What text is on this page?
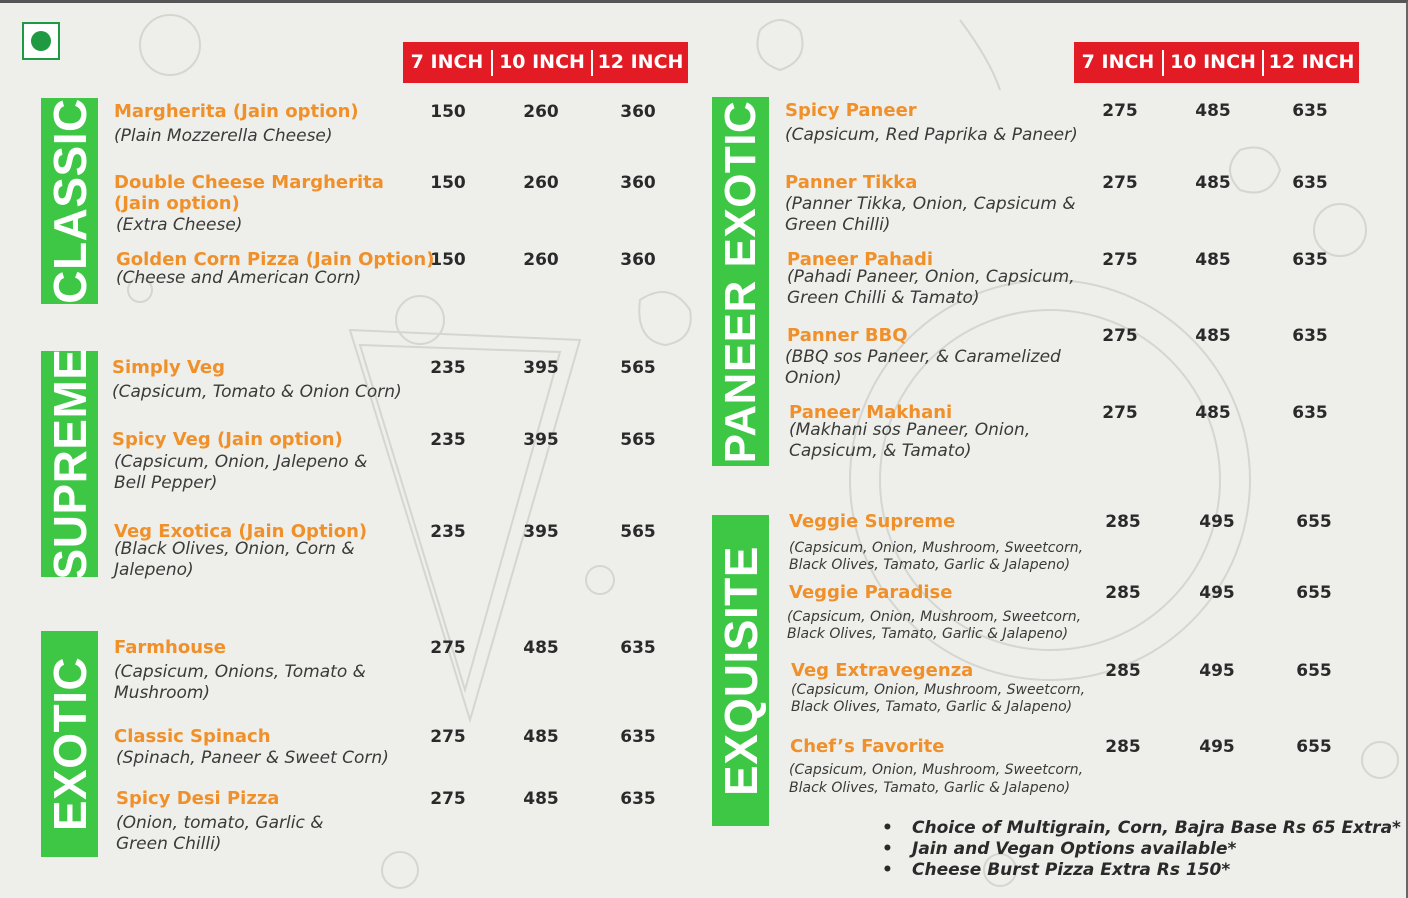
7 INCH 10 INCH 12 INCH	7 INCH 10 INCH 12 INCH
CLASSIC
SUPREME
EXOTIC
PANEER EXOTIC
EXQUISITE
Margherita (Jain option)
(Plain Mozzerella Cheese)
150	260	360
Double Cheese Margherita
(Jain option)
(Extra Cheese)
150	260	360
Golden Corn Pizza (Jain Option)
(Cheese and American Corn)
150	260	360
Simply Veg
(Capsicum, Tomato & Onion Corn)
235	395	565
Spicy Veg (Jain option)
(Capsicum, Onion, Jalepeno &
Bell Pepper)
235	395	565
Veg Exotica (Jain Option)
(Black Olives, Onion, Corn &
Jalepeno)
235	395	565
Farmhouse
(Capsicum, Onions, Tomato &
Mushroom)
275	485	635
Classic Spinach
(Spinach, Paneer & Sweet Corn)
275	485	635
Spicy Desi Pizza
(Onion, tomato, Garlic &
Green Chilli)
275	485	635
Spicy Paneer
(Capsicum, Red Paprika & Paneer)
275	485	635
Panner Tikka
(Panner Tikka, Onion, Capsicum &
Green Chilli)
275	485	635
Paneer Pahadi
(Pahadi Paneer, Onion, Capsicum,
Green Chilli & Tamato)
275	485	635
Panner BBQ
(BBQ sos Paneer, & Caramelized
Onion)
275	485	635
Paneer Makhani
(Makhani sos Paneer, Onion,
Capsicum, & Tamato)
275	485	635
Veggie Supreme
(Capsicum, Onion, Mushroom, Sweetcorn,
Black Olives, Tamato, Garlic & Jalapeno)
285	495	655
Veggie Paradise
(Capsicum, Onion, Mushroom, Sweetcorn,
Black Olives, Tamato, Garlic & Jalapeno)
285	495	655
Veg Extravegenza
(Capsicum, Onion, Mushroom, Sweetcorn,
Black Olives, Tamato, Garlic & Jalapeno)
285	495	655
Chef’s Favorite
(Capsicum, Onion, Mushroom, Sweetcorn,
Black Olives, Tamato, Garlic & Jalapeno)
285	495	655
• Choice of Multigrain, Corn, Bajra Base Rs 65 Extra*
• Jain and Vegan Options available*
• Cheese Burst Pizza Extra Rs 150*
